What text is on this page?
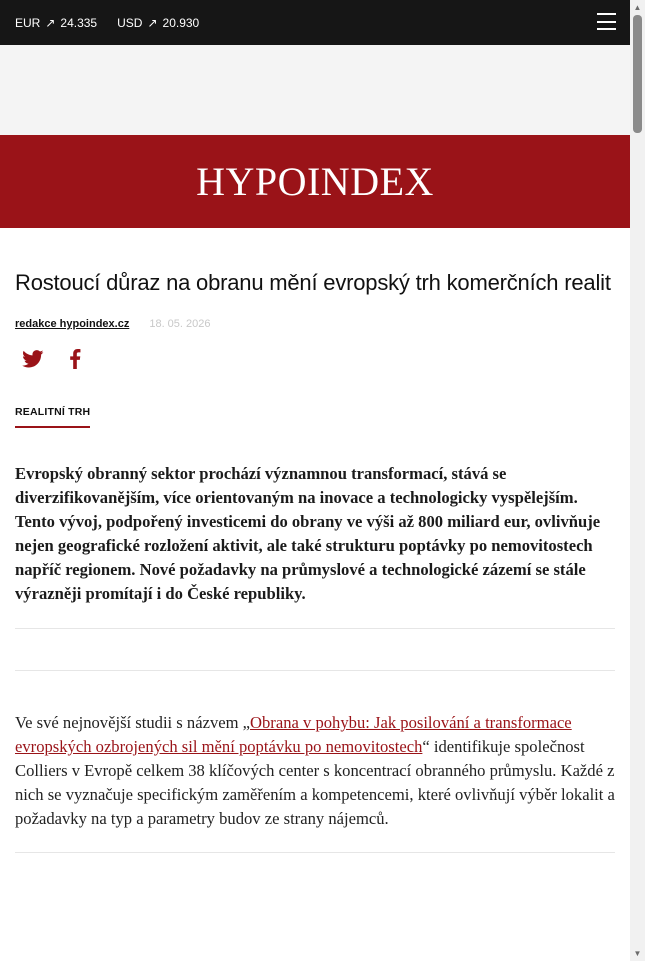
EUR ↗ 24.335 USD ↗ 20.930
HYPOINDEX
Rostoucí důraz na obranu mění evropský trh komerčních realit
redakce hypoindex.cz 18. 05. 2026
REALITNÍ TRH

Evropský obranný sektor prochází významnou transformací, stává se diverzifikovanějším, více orientovaným na inovace a technologicky vyspělejším. Tento vývoj, podpořený investicemi do obrany ve výši až 800 miliard eur, ovlivňuje nejen geografické rozložení aktivit, ale také strukturu poptávky po nemovitostech napříč regionem. Nové požadavky na průmyslové a technologické zázemí se stále výrazněji promítají i do České republiky.

Ve své nejnovější studii s názvem „Obrana v pohybu: Jak posilování a transformace evropských ozbrojených sil mění poptávku po nemovitostech“ identifikuje společnost Colliers v Evropě celkem 38 klíčových center s koncentrací obranného průmyslu. Každé z nich se vyznačuje specifickým zaměřením a kompetencemi, které ovlivňují výběr lokalit a požadavky na typ a parametry budov ze strany nájemců.

▲
▼
